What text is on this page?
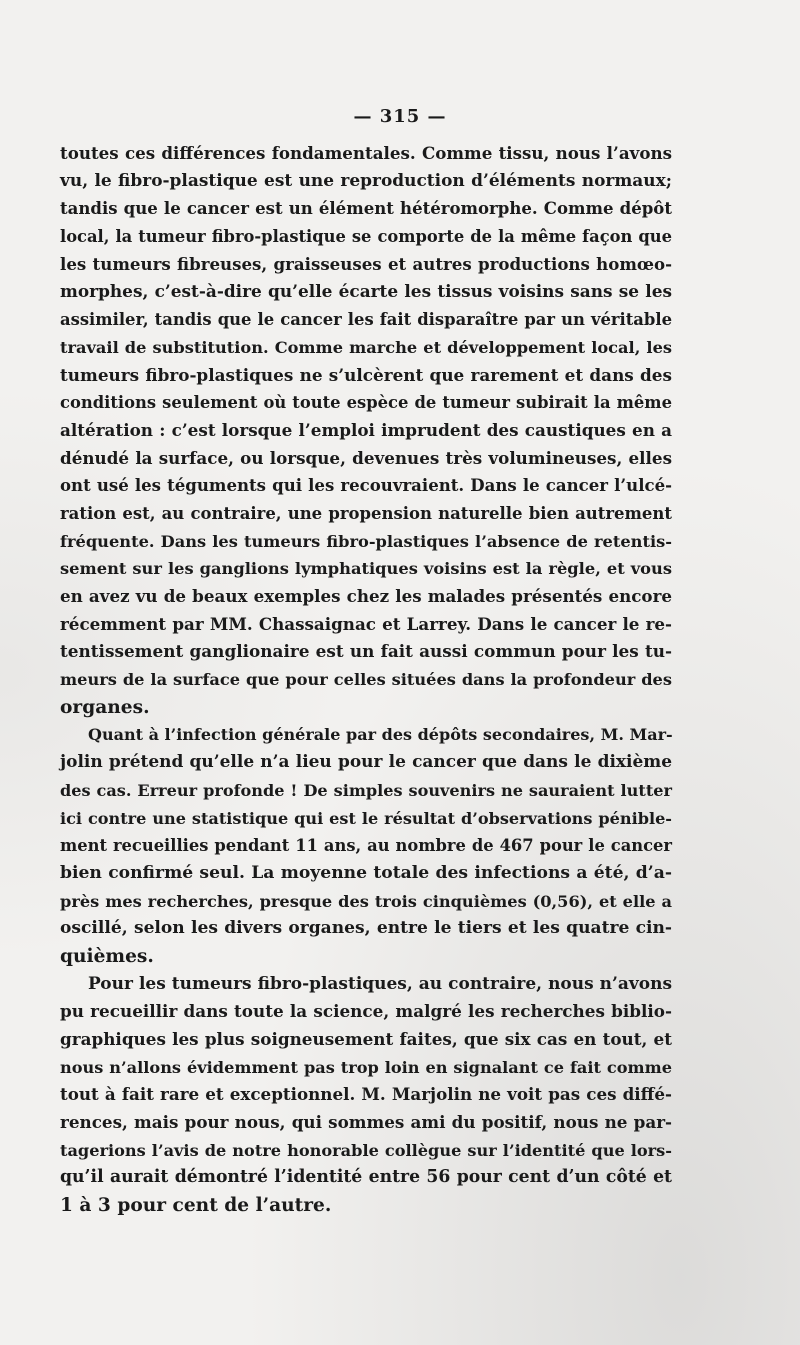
— 315 —
toutes ces différences fondamentales. Comme tissu, nous l’avons
vu, le fibro-plastique est une reproduction d’éléments normaux;
tandis que le cancer est un élément hétéromorphe. Comme dépôt
local, la tumeur fibro-plastique se comporte de la même façon que
les tumeurs fibreuses, graisseuses et autres productions homœo-
morphes, c’est-à-dire qu’elle écarte les tissus voisins sans se les
assimiler, tandis que le cancer les fait disparaître par un véritable
travail de substitution. Comme marche et développement local, les
tumeurs fibro-plastiques ne s’ulcèrent que rarement et dans des
conditions seulement où toute espèce de tumeur subirait la même
altération : c’est lorsque l’emploi imprudent des caustiques en a
dénudé la surface, ou lorsque, devenues très volumineuses, elles
ont usé les téguments qui les recouvraient. Dans le cancer l’ulcé-
ration est, au contraire, une propension naturelle bien autrement
fréquente. Dans les tumeurs fibro-plastiques l’absence de retentis-
sement sur les ganglions lymphatiques voisins est la règle, et vous
en avez vu de beaux exemples chez les malades présentés encore
récemment par MM. Chassaignac et Larrey. Dans le cancer le re-
tentissement ganglionaire est un fait aussi commun pour les tu-
meurs de la surface que pour celles situées dans la profondeur des
organes.
Quant à l’infection générale par des dépôts secondaires, M. Mar-
jolin prétend qu’elle n’a lieu pour le cancer que dans le dixième
des cas. Erreur profonde ! De simples souvenirs ne sauraient lutter
ici contre une statistique qui est le résultat d’observations pénible-
ment recueillies pendant 11 ans, au nombre de 467 pour le cancer
bien confirmé seul. La moyenne totale des infections a été, d’a-
près mes recherches, presque des trois cinquièmes (0,56), et elle a
oscillé, selon les divers organes, entre le tiers et les quatre cin-
quièmes.
Pour les tumeurs fibro-plastiques, au contraire, nous n’avons
pu recueillir dans toute la science, malgré les recherches biblio-
graphiques les plus soigneusement faites, que six cas en tout, et
nous n’allons évidemment pas trop loin en signalant ce fait comme
tout à fait rare et exceptionnel. M. Marjolin ne voit pas ces diffé-
rences, mais pour nous, qui sommes ami du positif, nous ne par-
tagerions l’avis de notre honorable collègue sur l’identité que lors-
qu’il aurait démontré l’identité entre 56 pour cent d’un côté et
1 à 3 pour cent de l’autre.
